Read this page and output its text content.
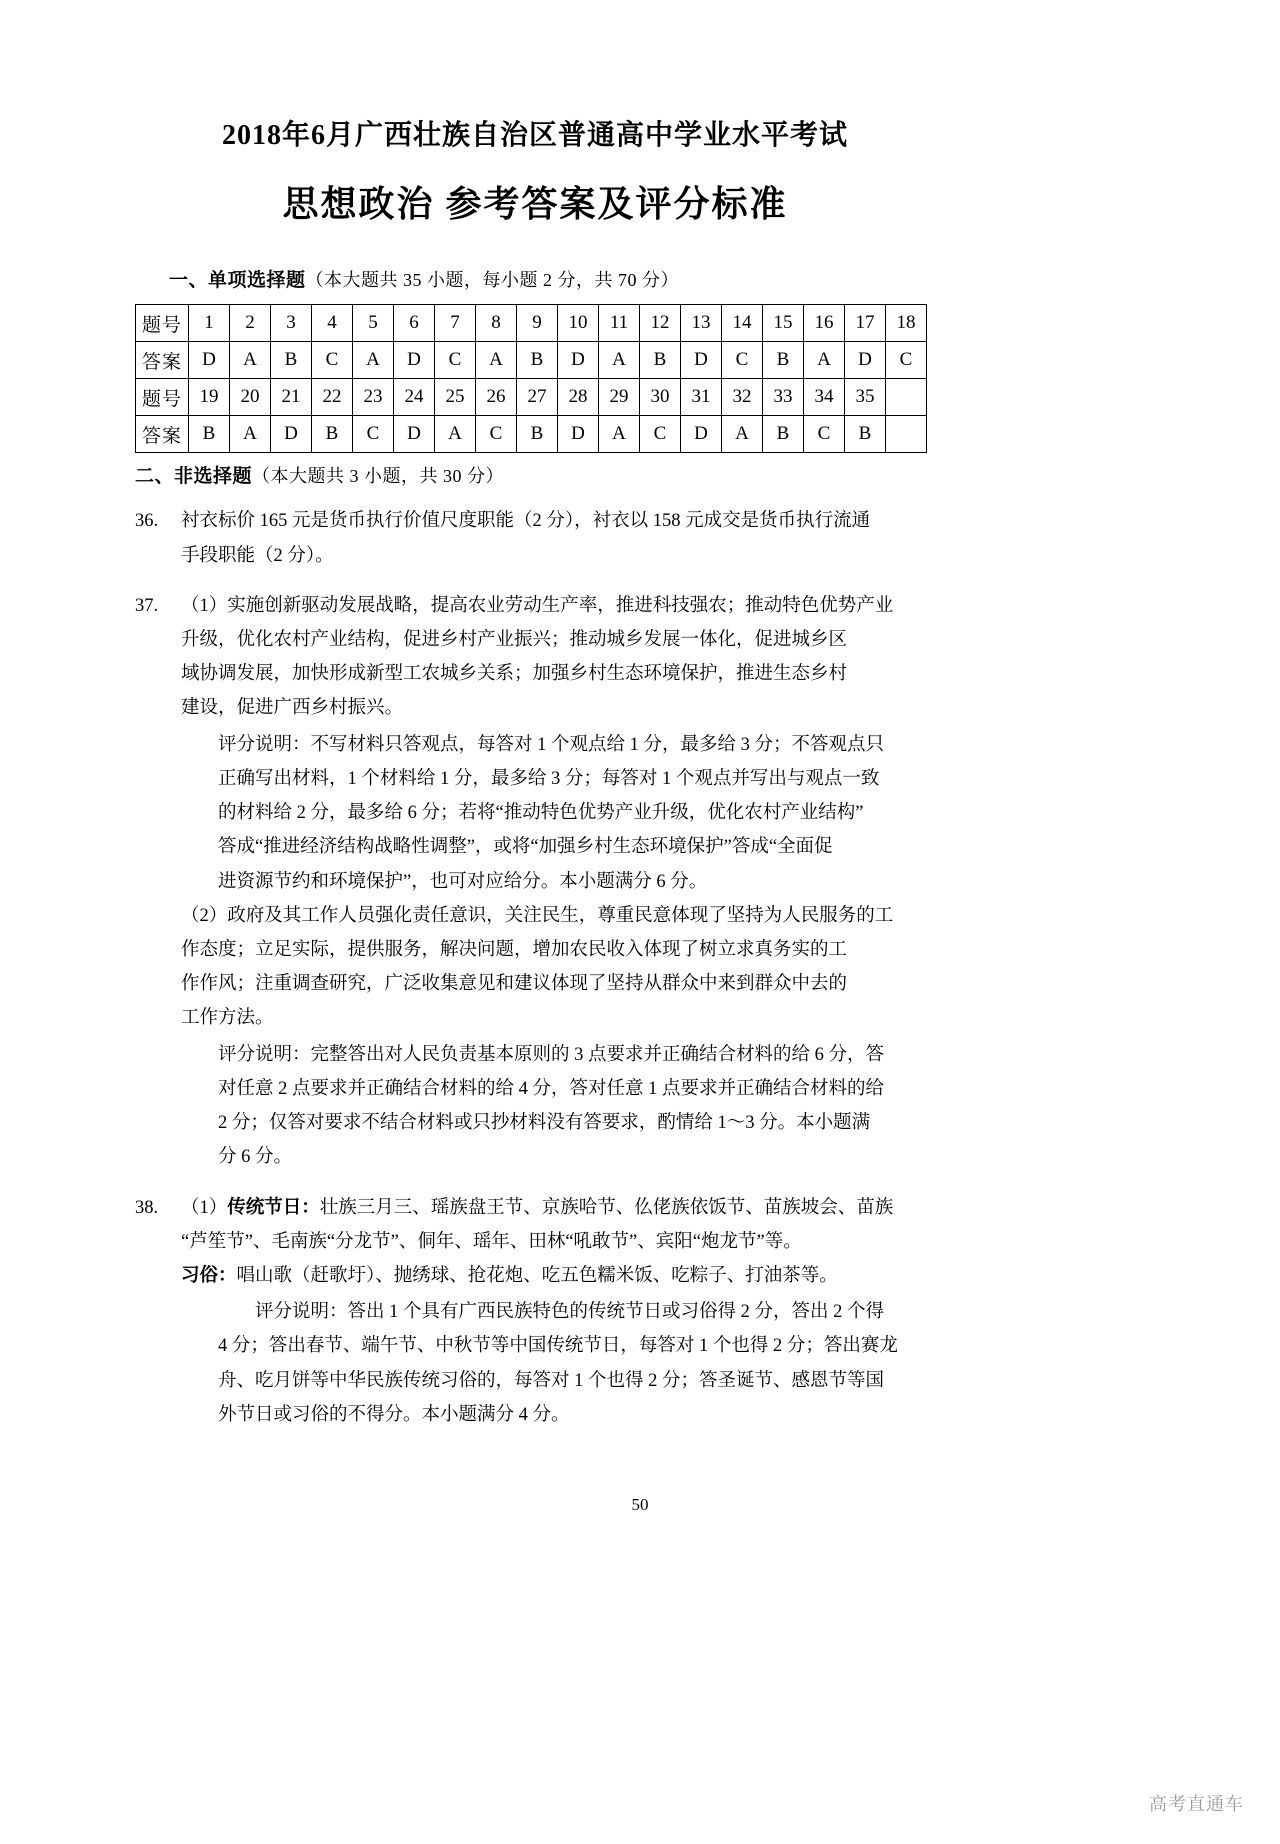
2018年6月广西壮族自治区普通高中学业水平考试
思想政治 参考答案及评分标准
一、单项选择题（本大题共 35 小题，每小题 2 分，共 70 分）
题号	1	2	3	4	5	6	7	8	9	10	11	12	13	14	15	16	17	18
答案	D	A	B	C	A	D	C	A	B	D	A	B	D	C	B	A	D	C
题号	19	20	21	22	23	24	25	26	27	28	29	30	31	32	33	34	35	
答案	B	A	D	B	C	D	A	C	B	D	A	C	D	A	B	C	B	
二、非选择题（本大题共 3 小题，共 30 分）
36.	衬衣标价 165 元是货币执行价值尺度职能（2 分），衬衣以 158 元成交是货币执行流通

手段职能（2 分）。

37.	（1）实施创新驱动发展战略，提高农业劳动生产率，推进科技强农；推动特色优势产业

升级，优化农村产业结构，促进乡村产业振兴；推动城乡发展一体化，促进城乡区

域协调发展，加快形成新型工农城乡关系；加强乡村生态环境保护，推进生态乡村

建设，促进广西乡村振兴。

评分说明：不写材料只答观点，每答对 1 个观点给 1 分，最多给 3 分；不答观点只

正确写出材料，1 个材料给 1 分，最多给 3 分；每答对 1 个观点并写出与观点一致

的材料给 2 分，最多给 6 分；若将“推动特色优势产业升级，优化农村产业结构”

答成“推进经济结构战略性调整”，或将“加强乡村生态环境保护”答成“全面促

进资源节约和环境保护”，也可对应给分。本小题满分 6 分。

（2）政府及其工作人员强化责任意识，关注民生，尊重民意体现了坚持为人民服务的工

作态度；立足实际，提供服务，解决问题，增加农民收入体现了树立求真务实的工

作作风；注重调查研究，广泛收集意见和建议体现了坚持从群众中来到群众中去的

工作方法。

评分说明：完整答出对人民负责基本原则的 3 点要求并正确结合材料的给 6 分，答

对任意 2 点要求并正确结合材料的给 4 分，答对任意 1 点要求并正确结合材料的给

2 分；仅答对要求不结合材料或只抄材料没有答要求，酌情给 1～3 分。本小题满

分 6 分。

38.	（1）传统节日：壮族三月三、瑶族盘王节、京族哈节、仫佬族依饭节、苗族坡会、苗族

“芦笙节”、毛南族“分龙节”、侗年、瑶年、田林“吼敢节”、宾阳“炮龙节”等。

习俗：唱山歌（赶歌圩）、抛绣球、抢花炮、吃五色糯米饭、吃粽子、打油茶等。

评分说明：答出 1 个具有广西民族特色的传统节日或习俗得 2 分，答出 2 个得

4 分；答出春节、端午节、中秋节等中国传统节日，每答对 1 个也得 2 分；答出赛龙

舟、吃月饼等中华民族传统习俗的，每答对 1 个也得 2 分；答圣诞节、感恩节等国

外节日或习俗的不得分。本小题满分 4 分。

50
高考直通车
